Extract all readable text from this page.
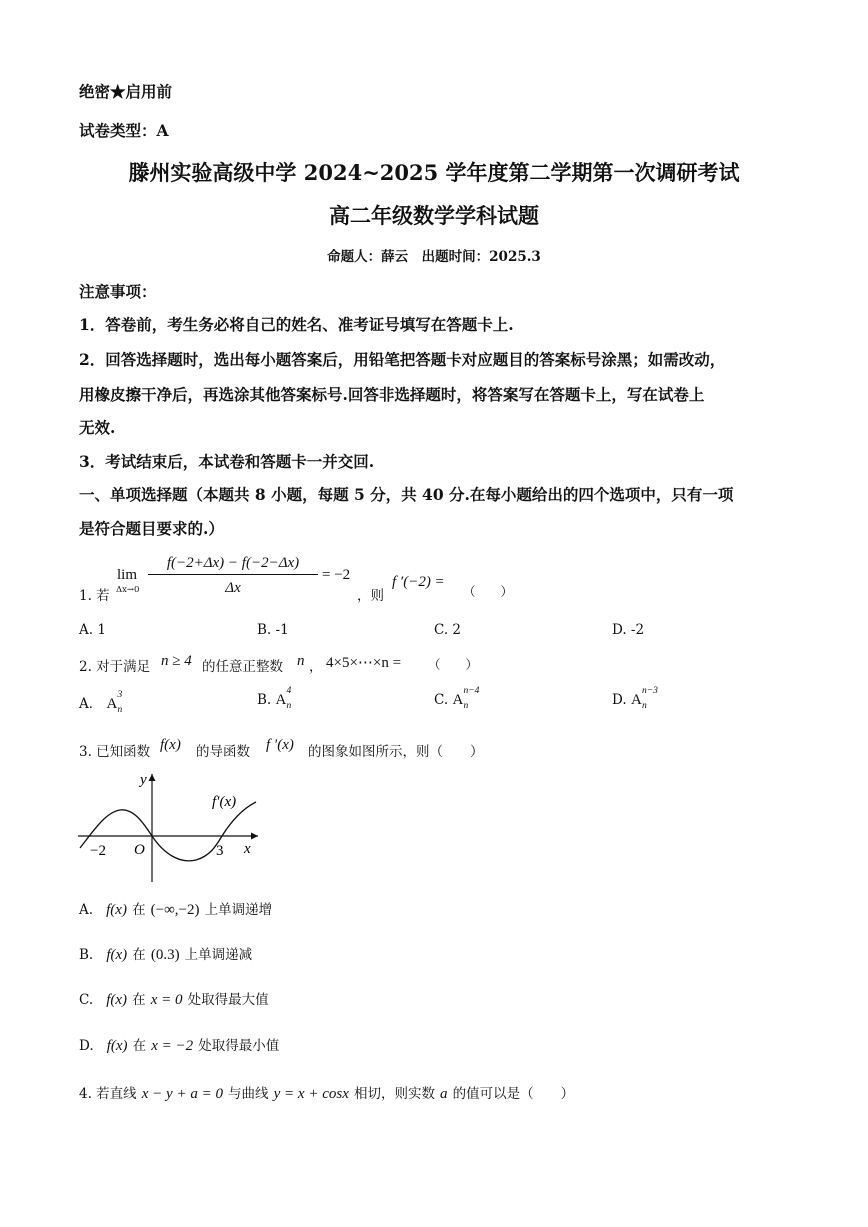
绝密★启用前
试卷类型：A
滕州实验高级中学 2024~2025 学年度第二学期第一次调研考试
高二年级数学学科试题
命题人：薛云　出题时间：2025.3
注意事项：
1．答卷前，考生务必将自己的姓名、准考证号填写在答题卡上.
2．回答选择题时，选出每小题答案后，用铅笔把答题卡对应题目的答案标号涂黑；如需改动，
用橡皮擦干净后，再选涂其他答案标号.回答非选择题时，将答案写在答题卡上，写在试卷上
无效.
3．考试结束后，本试卷和答题卡一并交回.
一、单项选择题（本题共 8 小题，每题 5 分，共 40 分.在每小题给出的四个选项中，只有一项
是符合题目要求的.）
1. 若
lim
Δx→0
f(−2+Δx) − f(−2−Δx)
Δx
= −2
，则
f ′(−2) =
（　　）
A. 1	B. -1	C. 2	D. -2
2. 对于满足 n ≥ 4 的任意正整数 n ， 4×5×⋯×n = （　　）
A． A
3
n
B. A
4
n	C. A
n−4
n	D. A
n−3
n
3. 已知函数 f(x) 的导函数 f ′(x) 的图象如图所示，则（　　）
y
f′(x)
O
−2	3 x
A. f(x) 在 (−∞,−2) 上单调递增
B. f(x) 在 (0.3) 上单调递减
C. f(x) 在 x = 0 处取得最大值
D. f(x) 在 x = −2 处取得最小值
4. 若直线 x − y + a = 0 与曲线 y = x + cosx 相切，则实数 a 的值可以是（　　）
